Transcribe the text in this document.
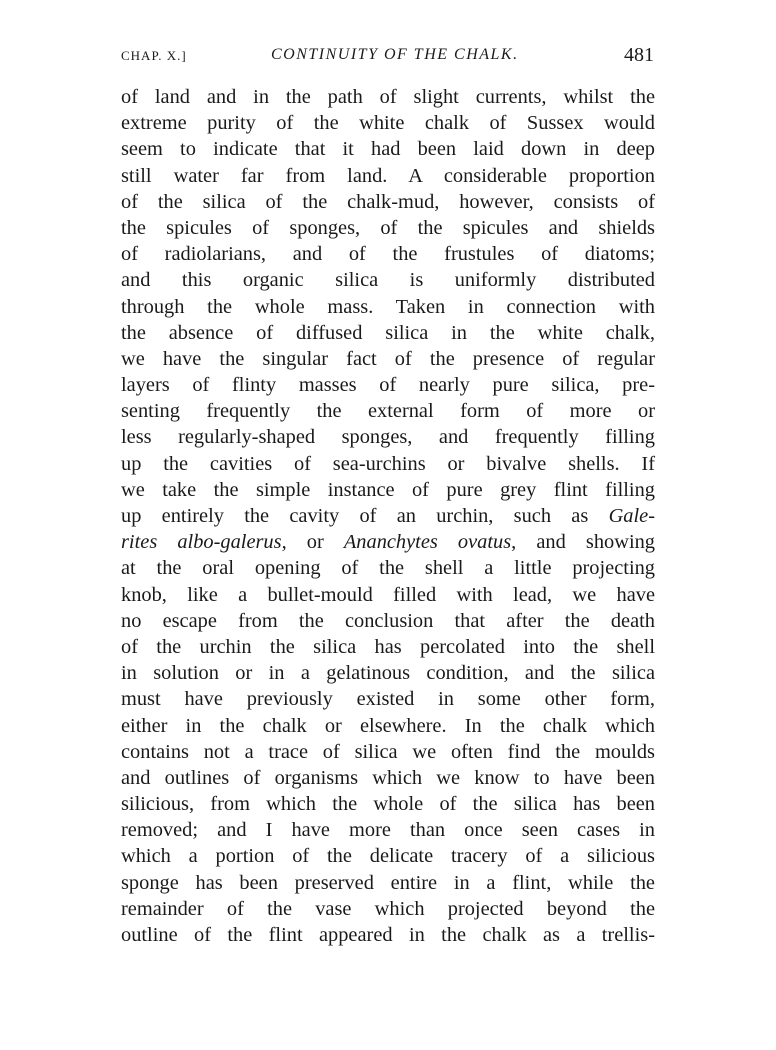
CHAP. X.]	CONTINUITY OF THE CHALK.	481
of land and in the path of slight currents, whilst the
extreme purity of the white chalk of Sussex would
seem to indicate that it had been laid down in deep
still water far from land. A considerable proportion
of the silica of the chalk-mud, however, consists of
the spicules of sponges, of the spicules and shields
of radiolarians, and of the frustules of diatoms;
and this organic silica is uniformly distributed
through the whole mass. Taken in connection with
the absence of diffused silica in the white chalk,
we have the singular fact of the presence of regular
layers of flinty masses of nearly pure silica, pre-
senting frequently the external form of more or
less regularly-shaped sponges, and frequently filling
up the cavities of sea-urchins or bivalve shells. If
we take the simple instance of pure grey flint filling
up entirely the cavity of an urchin, such as Gale-
rites albo-galerus, or Ananchytes ovatus, and showing
at the oral opening of the shell a little projecting
knob, like a bullet-mould filled with lead, we have
no escape from the conclusion that after the death
of the urchin the silica has percolated into the shell
in solution or in a gelatinous condition, and the silica
must have previously existed in some other form,
either in the chalk or elsewhere. In the chalk which
contains not a trace of silica we often find the moulds
and outlines of organisms which we know to have been
silicious, from which the whole of the silica has been
removed; and I have more than once seen cases in
which a portion of the delicate tracery of a silicious
sponge has been preserved entire in a flint, while the
remainder of the vase which projected beyond the
outline of the flint appeared in the chalk as a trellis-
